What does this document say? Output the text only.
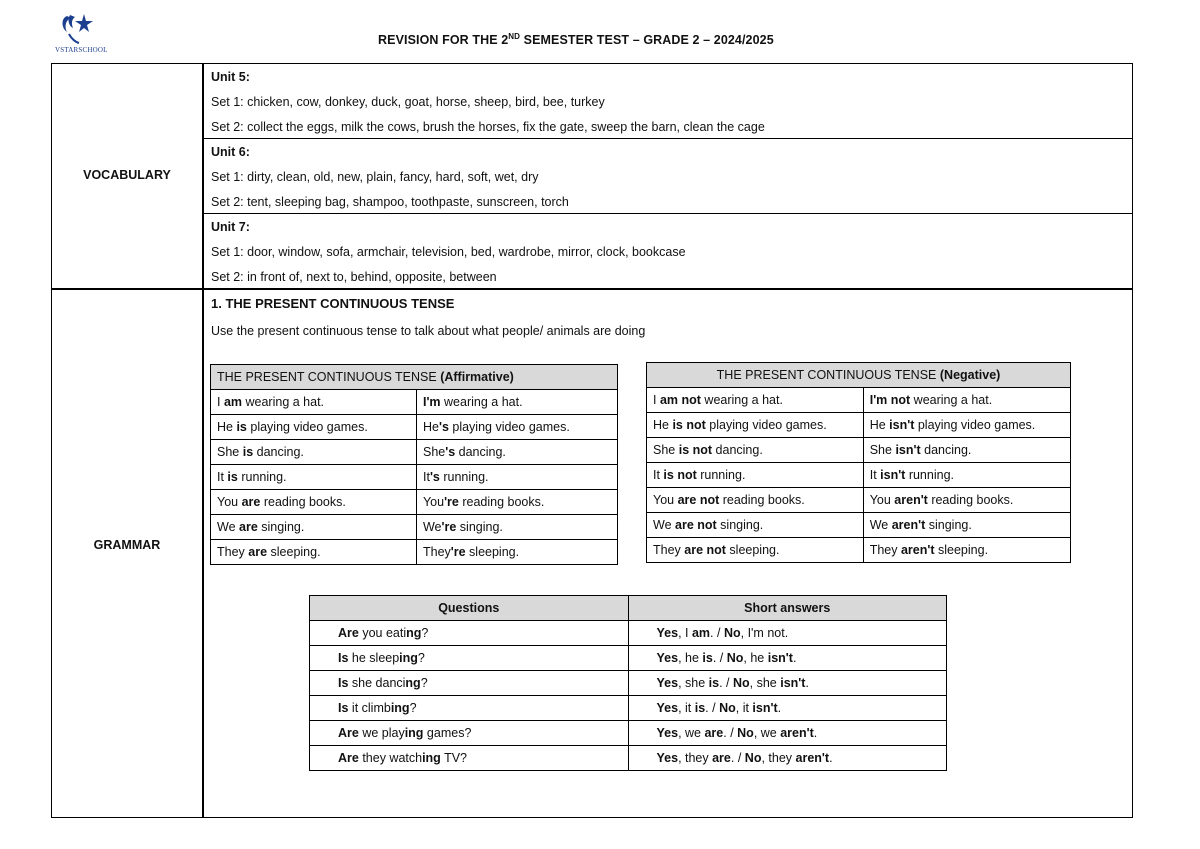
VSTARSCHOOL
REVISION FOR THE 2ND SEMESTER TEST – GRADE 2 – 2024/2025
VOCABULARY
Unit 5:
Set 1: chicken, cow, donkey, duck, goat, horse, sheep, bird, bee, turkey
Set 2: collect the eggs, milk the cows, brush the horses, fix the gate, sweep the barn, clean the cage
Unit 6:
Set 1: dirty, clean, old, new, plain, fancy, hard, soft, wet, dry
Set 2: tent, sleeping bag, shampoo, toothpaste, sunscreen, torch
Unit 7:
Set 1: door, window, sofa, armchair, television, bed, wardrobe, mirror, clock, bookcase
Set 2: in front of, next to, behind, opposite, between
GRAMMAR
1. THE PRESENT CONTINUOUS TENSE
Use the present continuous tense to talk about what people/ animals are doing
THE PRESENT CONTINUOUS TENSE (Affirmative)	
I am wearing a hat.	I'm wearing a hat.
He is playing video games.	He's playing video games.
She is dancing.	She's dancing.
It is running.	It's running.
You are reading books.	You're reading books.
We are singing.	We're singing.
They are sleeping.	They're sleeping.
THE PRESENT CONTINUOUS TENSE (Negative)	
I am not wearing a hat.	I'm not wearing a hat.
He is not playing video games.	He isn't playing video games.
She is not dancing.	She isn't dancing.
It is not running.	It isn't running.
You are not reading books.	You aren't reading books.
We are not singing.	We aren't singing.
They are not sleeping.	They aren't sleeping.
Questions	Short answers
Are you eating?	Yes, I am. / No, I'm not.
Is he sleeping?	Yes, he is. / No, he isn't.
Is she dancing?	Yes, she is. / No, she isn't.
Is it climbing?	Yes, it is. / No, it isn't.
Are we playing games?	Yes, we are. / No, we aren't.
Are they watching TV?	Yes, they are. / No, they aren't.
